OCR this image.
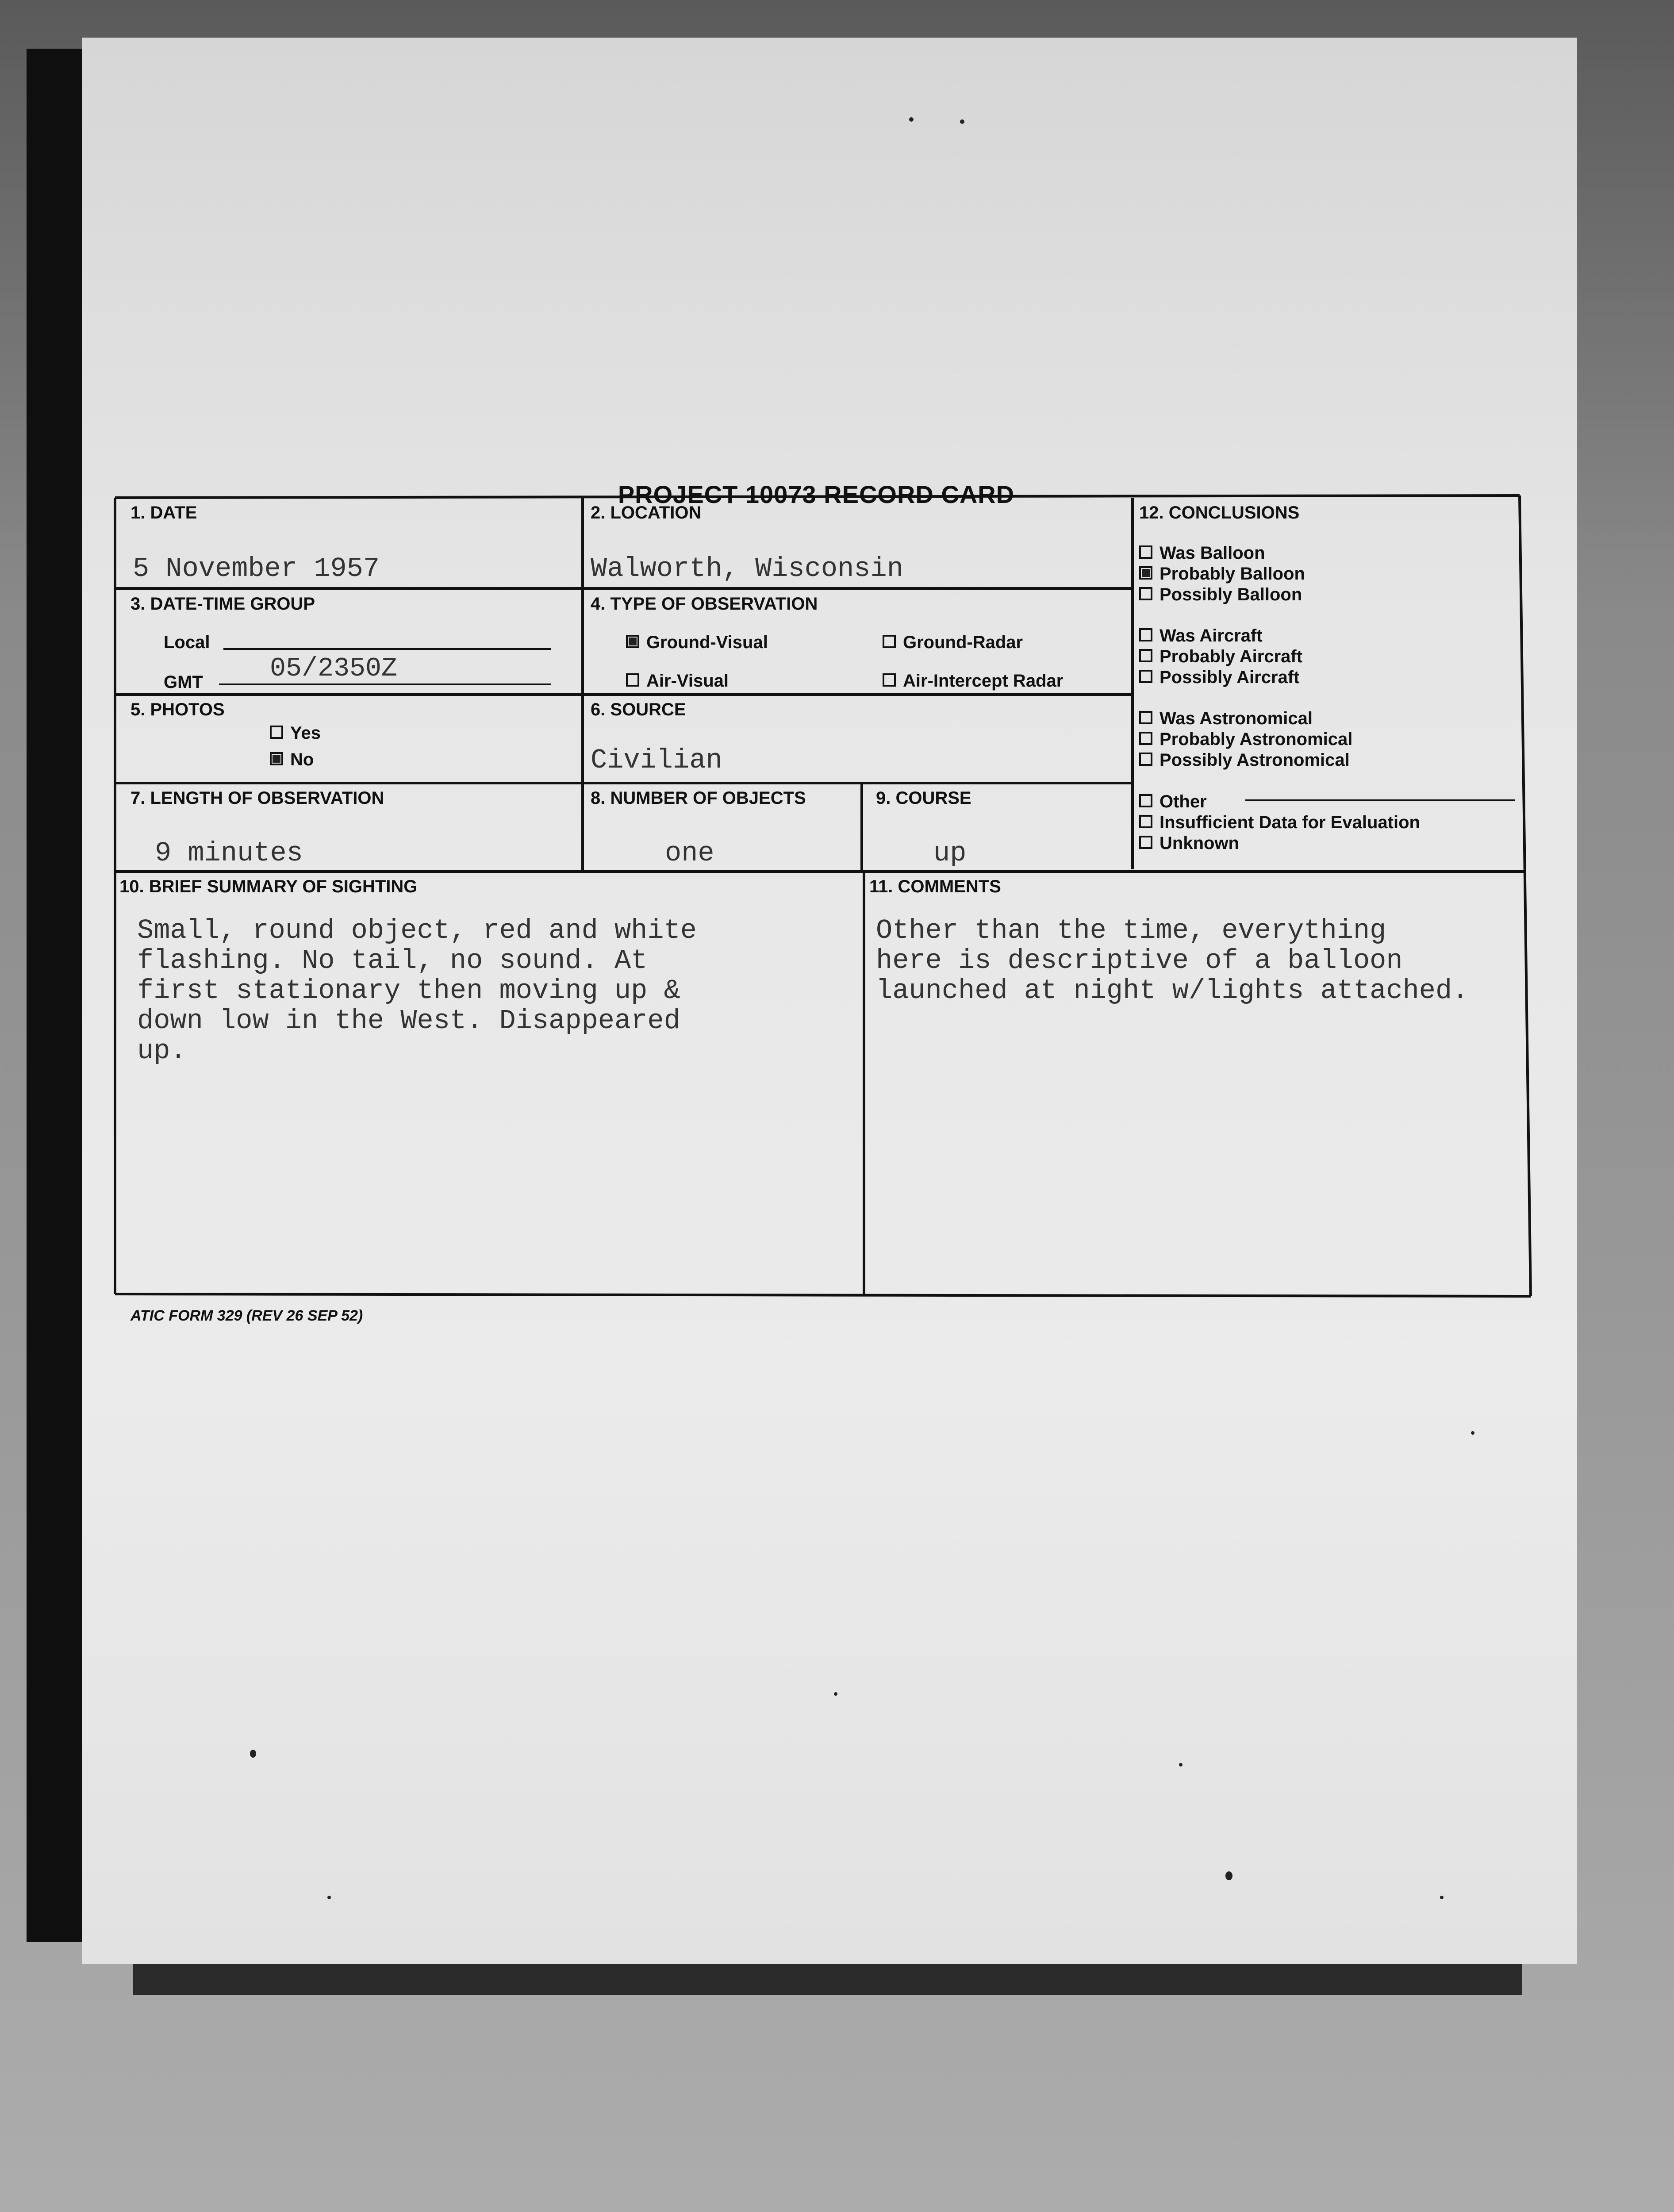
PROJECT 10073 RECORD CARD
1. DATE
5 November 1957
2. LOCATION
Walworth, Wisconsin
3. DATE-TIME GROUP
Local
GMT	05/2350Z
4. TYPE OF OBSERVATION
Ground-Visual	Ground-Radar
Air-Visual	Air-Intercept Radar
5. PHOTOS
Yes
No
6. SOURCE
Civilian
7. LENGTH OF OBSERVATION
9 minutes
8. NUMBER OF OBJECTS
one
9. COURSE
up
10. BRIEF SUMMARY OF SIGHTING
Small, round object, red and white
flashing. No tail, no sound. At
first stationary then moving up &
down low in the West. Disappeared
up.
11. COMMENTS
Other than the time, everything
here is descriptive of a balloon
launched at night w/lights attached.
12. CONCLUSIONS
Was Balloon
Probably Balloon
Possibly Balloon
Was Aircraft
Probably Aircraft
Possibly Aircraft
Was Astronomical
Probably Astronomical
Possibly Astronomical
Other
Insufficient Data for Evaluation
Unknown
ATIC FORM 329 (REV 26 SEP 52)
